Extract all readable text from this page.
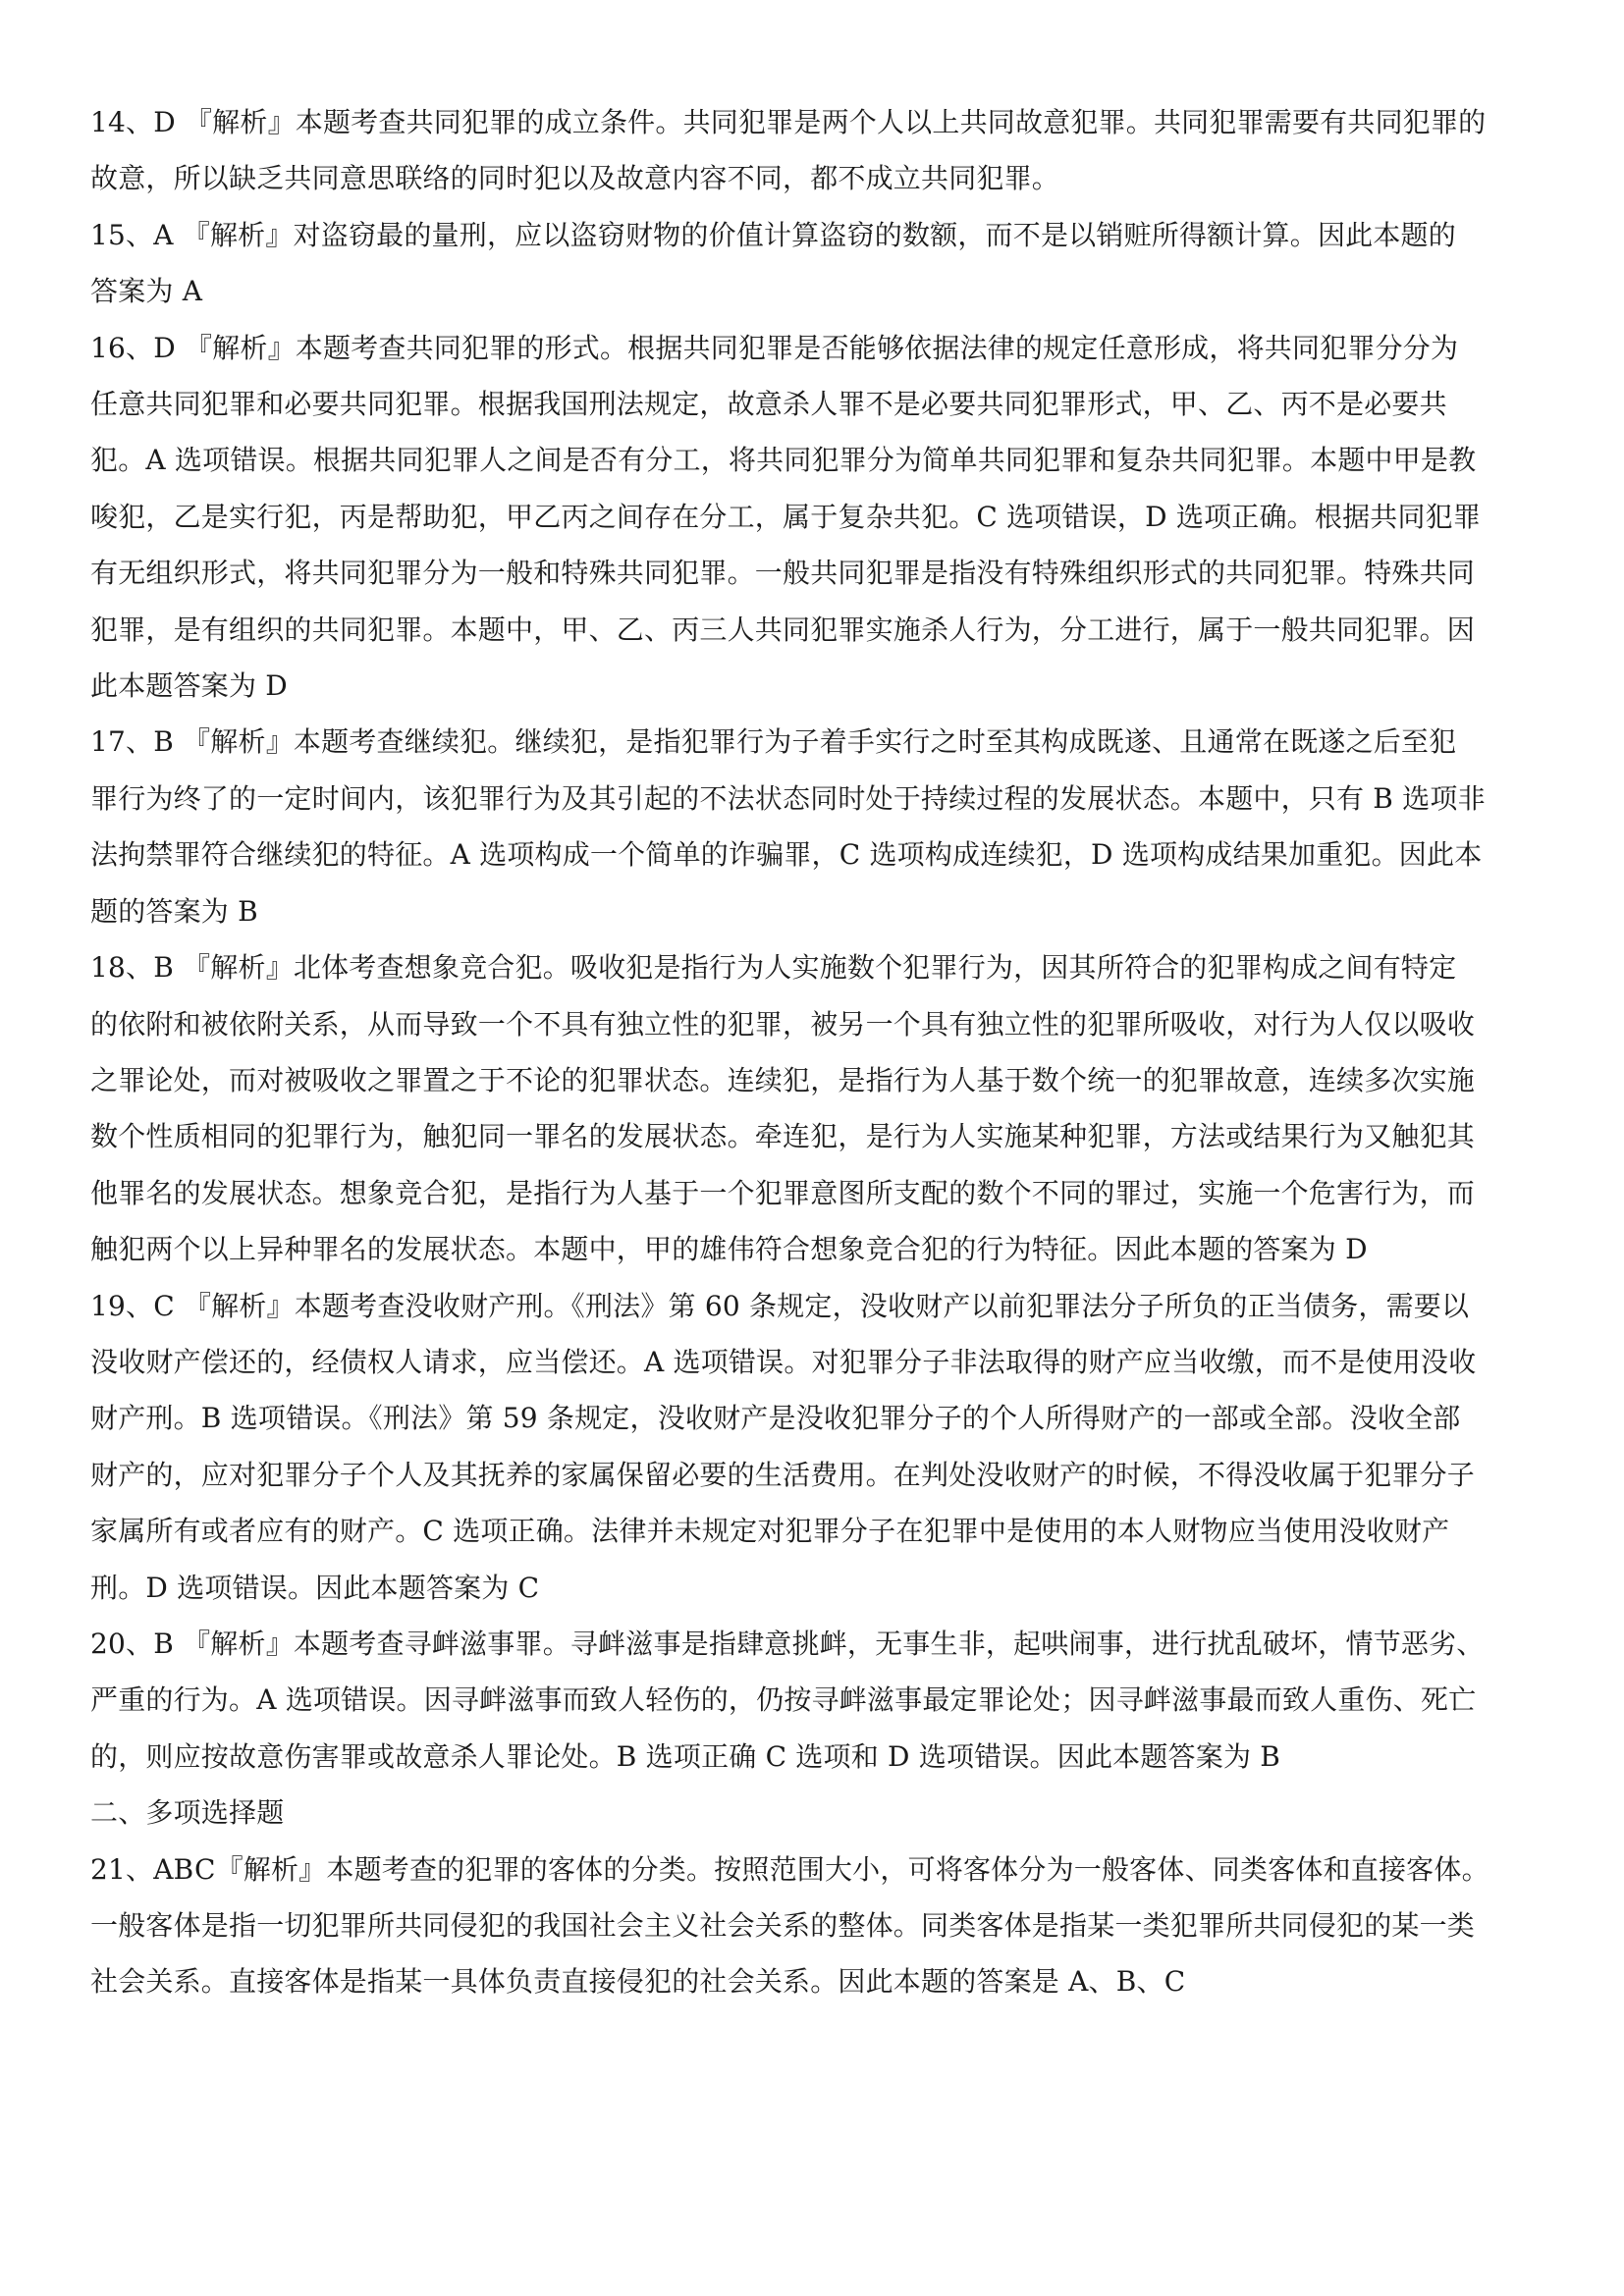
14、D 『解析』本题考查共同犯罪的成立条件。共同犯罪是两个人以上共同故意犯罪。共同犯罪需要有共同犯罪的
故意，所以缺乏共同意思联络的同时犯以及故意内容不同，都不成立共同犯罪。

15、A 『解析』对盗窃最的量刑，应以盗窃财物的价值计算盗窃的数额，而不是以销赃所得额计算。因此本题的
答案为 A

16、D 『解析』本题考查共同犯罪的形式。根据共同犯罪是否能够依据法律的规定任意形成，将共同犯罪分分为
任意共同犯罪和必要共同犯罪。根据我国刑法规定，故意杀人罪不是必要共同犯罪形式，甲、乙、丙不是必要共
犯。A 选项错误。根据共同犯罪人之间是否有分工，将共同犯罪分为简单共同犯罪和复杂共同犯罪。本题中甲是教
唆犯，乙是实行犯，丙是帮助犯，甲乙丙之间存在分工，属于复杂共犯。C 选项错误，D 选项正确。根据共同犯罪
有无组织形式，将共同犯罪分为一般和特殊共同犯罪。一般共同犯罪是指没有特殊组织形式的共同犯罪。特殊共同
犯罪，是有组织的共同犯罪。本题中，甲、乙、丙三人共同犯罪实施杀人行为，分工进行，属于一般共同犯罪。因
此本题答案为 D

17、B 『解析』本题考查继续犯。继续犯，是指犯罪行为子着手实行之时至其构成既遂、且通常在既遂之后至犯
罪行为终了的一定时间内，该犯罪行为及其引起的不法状态同时处于持续过程的发展状态。本题中，只有 B 选项非
法拘禁罪符合继续犯的特征。A 选项构成一个简单的诈骗罪，C 选项构成连续犯，D 选项构成结果加重犯。因此本
题的答案为 B

18、B 『解析』北体考查想象竞合犯。吸收犯是指行为人实施数个犯罪行为，因其所符合的犯罪构成之间有特定
的依附和被依附关系，从而导致一个不具有独立性的犯罪，被另一个具有独立性的犯罪所吸收，对行为人仅以吸收
之罪论处，而对被吸收之罪置之于不论的犯罪状态。连续犯，是指行为人基于数个统一的犯罪故意，连续多次实施
数个性质相同的犯罪行为，触犯同一罪名的发展状态。牵连犯，是行为人实施某种犯罪，方法或结果行为又触犯其
他罪名的发展状态。想象竞合犯，是指行为人基于一个犯罪意图所支配的数个不同的罪过，实施一个危害行为，而
触犯两个以上异种罪名的发展状态。本题中，甲的雄伟符合想象竞合犯的行为特征。因此本题的答案为 D

19、C 『解析』本题考查没收财产刑。《刑法》第 60 条规定，没收财产以前犯罪法分子所负的正当债务，需要以
没收财产偿还的，经债权人请求，应当偿还。A 选项错误。对犯罪分子非法取得的财产应当收缴，而不是使用没收
财产刑。B 选项错误。《刑法》第 59 条规定，没收财产是没收犯罪分子的个人所得财产的一部或全部。没收全部
财产的，应对犯罪分子个人及其抚养的家属保留必要的生活费用。在判处没收财产的时候，不得没收属于犯罪分子
家属所有或者应有的财产。C 选项正确。法律并未规定对犯罪分子在犯罪中是使用的本人财物应当使用没收财产
刑。D 选项错误。因此本题答案为 C

20、B 『解析』本题考查寻衅滋事罪。寻衅滋事是指肆意挑衅，无事生非，起哄闹事，进行扰乱破坏，情节恶劣、
严重的行为。A 选项错误。因寻衅滋事而致人轻伤的，仍按寻衅滋事最定罪论处；因寻衅滋事最而致人重伤、死亡
的，则应按故意伤害罪或故意杀人罪论处。B 选项正确 C 选项和 D 选项错误。因此本题答案为 B

二、多项选择题

21、ABC『解析』本题考查的犯罪的客体的分类。按照范围大小，可将客体分为一般客体、同类客体和直接客体。
一般客体是指一切犯罪所共同侵犯的我国社会主义社会关系的整体。同类客体是指某一类犯罪所共同侵犯的某一类
社会关系。直接客体是指某一具体负责直接侵犯的社会关系。因此本题的答案是 A、B、C
